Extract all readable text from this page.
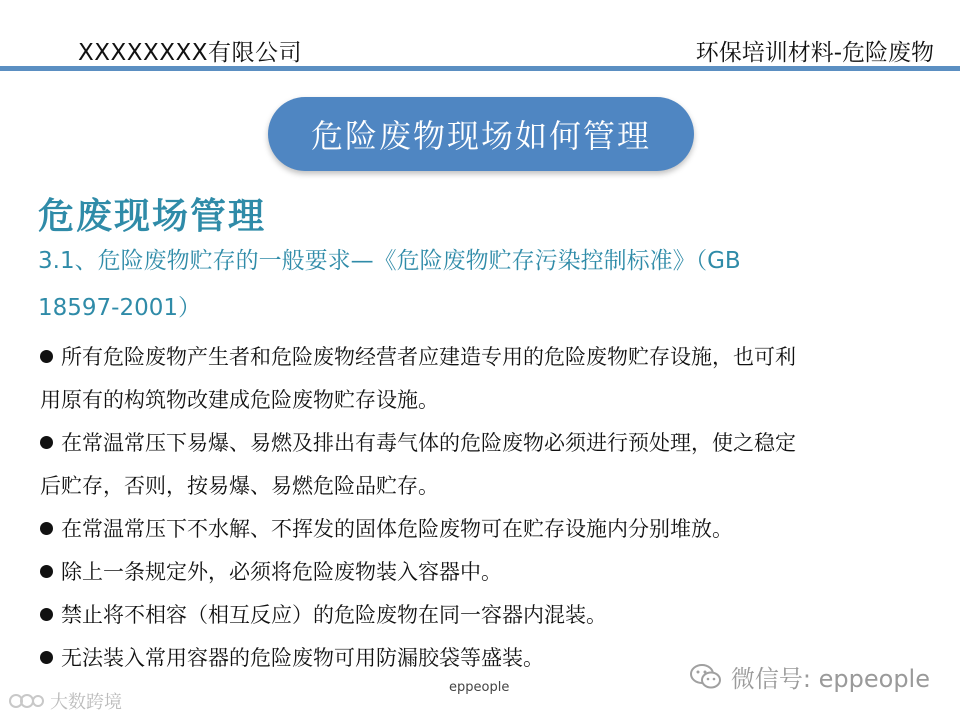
XXXXXXXX有限公司	环保培训材料-危险废物
危险废物现场如何管理
危废现场管理
3.1、危险废物贮存的一般要求—《危险废物贮存污染控制标准》（GB
18597-2001）
所有危险废物产生者和危险废物经营者应建造专用的危险废物贮存设施，也可利
用原有的构筑物改建成危险废物贮存设施。
在常温常压下易爆、易燃及排出有毒气体的危险废物必须进行预处理，使之稳定
后贮存，否则，按易爆、易燃危险品贮存。
在常温常压下不水解、不挥发的固体危险废物可在贮存设施内分别堆放。
除上一条规定外，必须将危险废物装入容器中。
禁止将不相容（相互反应）的危险废物在同一容器内混装。
无法装入常用容器的危险废物可用防漏胶袋等盛装。
eppeople
大数跨境
微信号: eppeople
